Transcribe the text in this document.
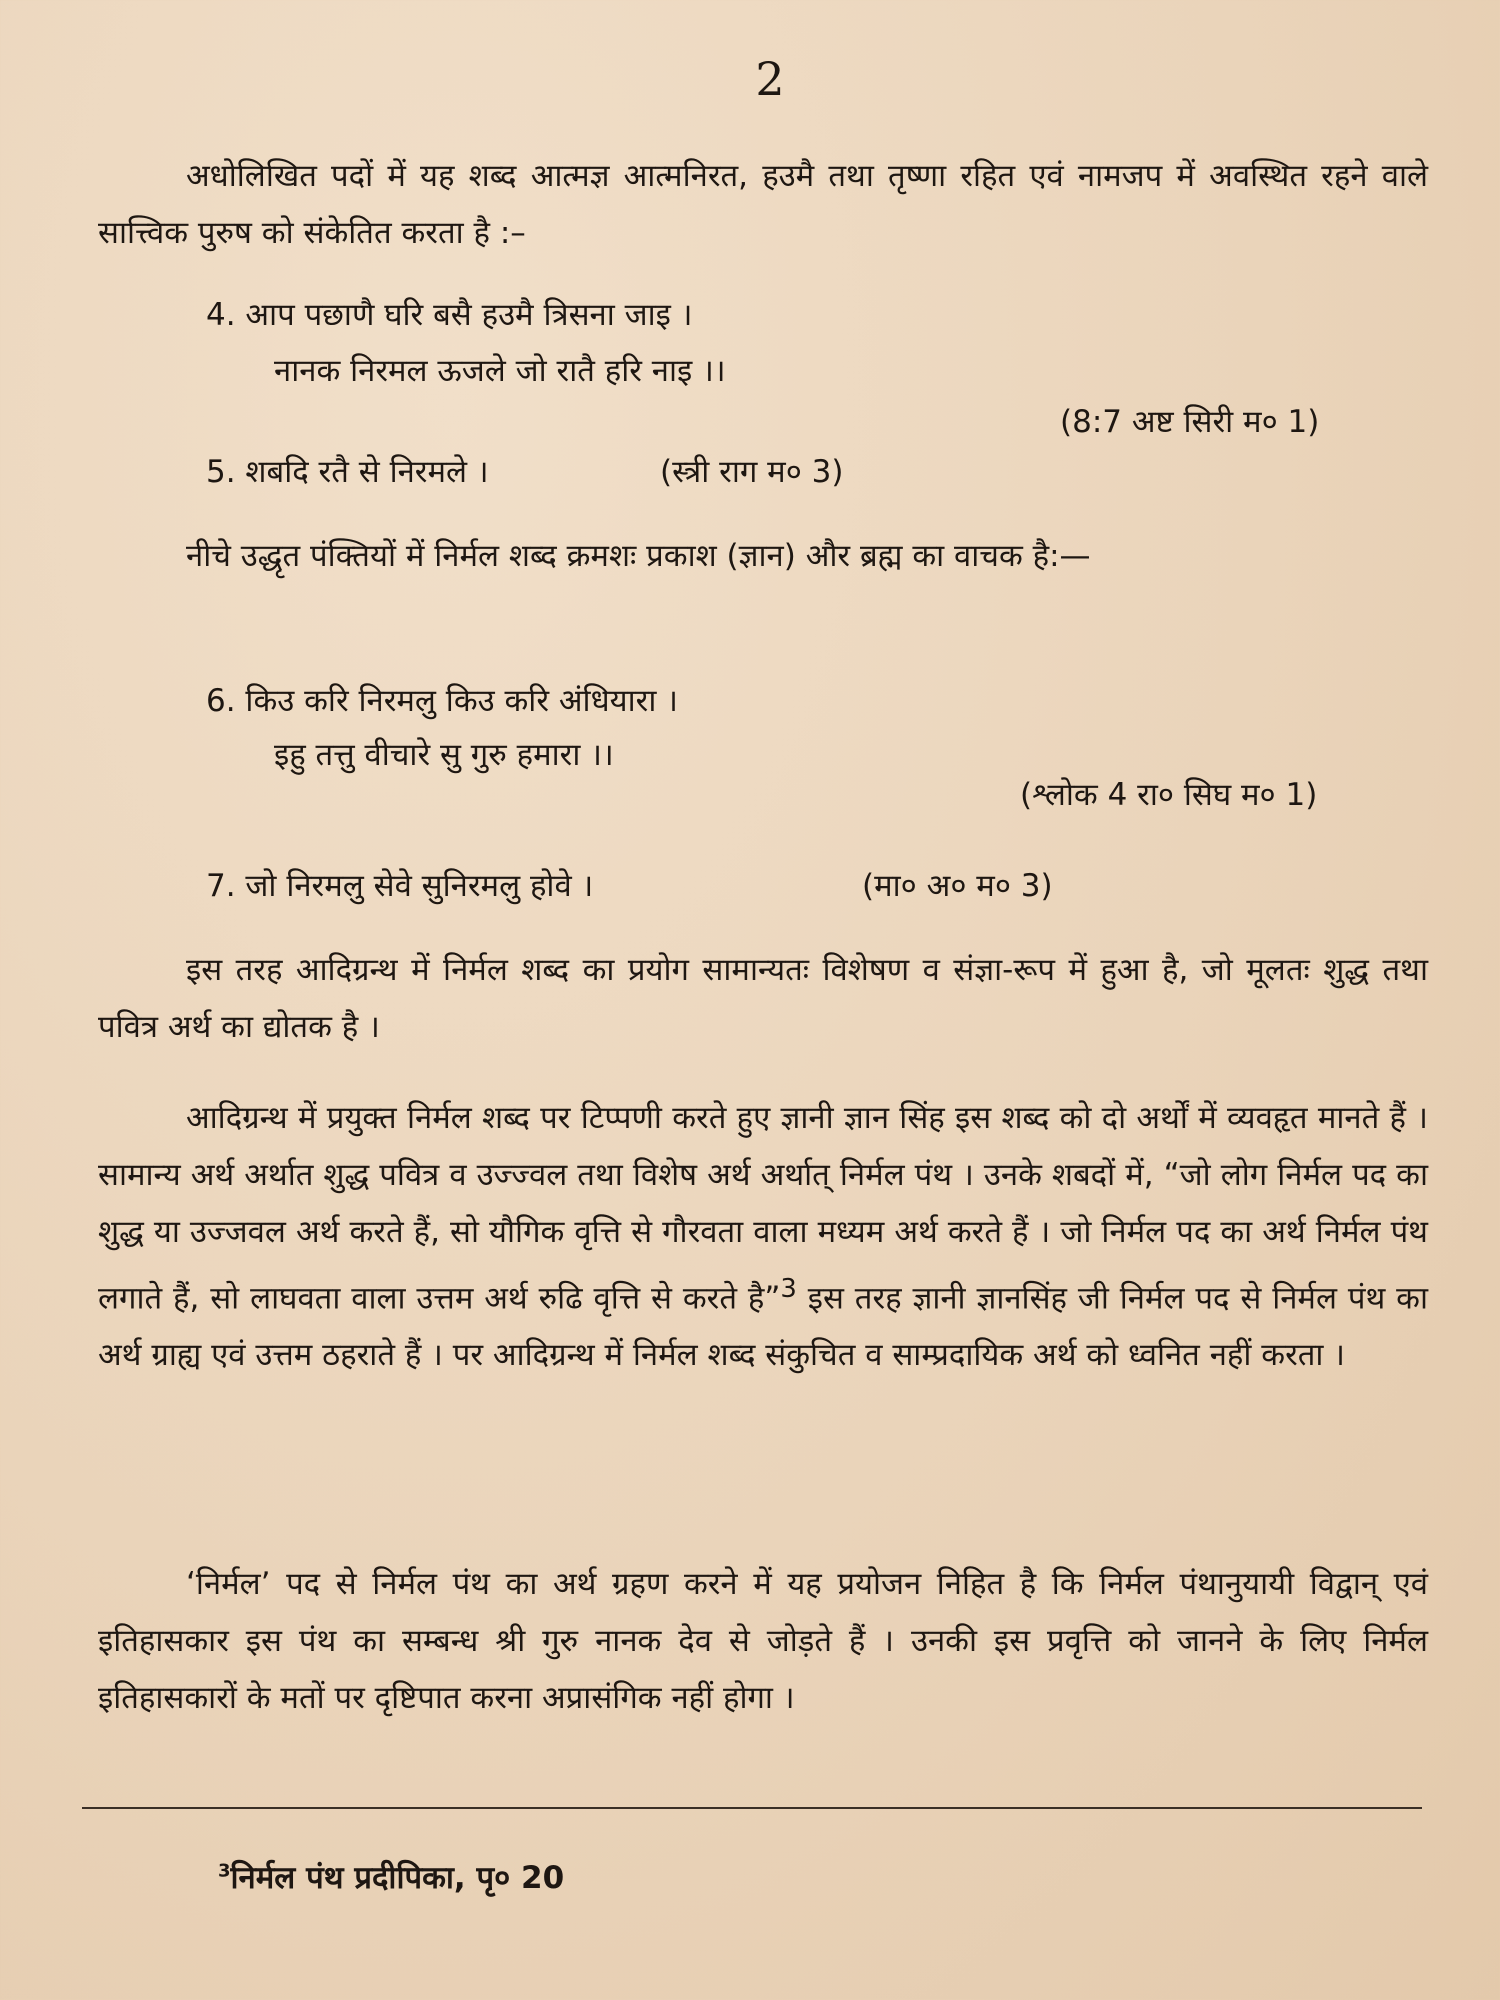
2

अधोलिखित पदों में यह शब्द आत्मज्ञ आत्मनिरत, हउमै तथा तृष्णा रहित एवं नामजप में अवस्थित रहने वाले सात्त्विक पुरुष को संकेतित करता है :–

4. आप पछाणै घरि बसै हउमै त्रिसना जाइ ।

नानक निरमल ऊजले जो रातै हरि नाइ ।।

(8:7 अष्ट सिरी म० 1)

5. शबदि रतै से निरमले ।	(स्त्री राग म० 3)

नीचे उद्धृत पंक्तियों में निर्मल शब्द क्रमशः प्रकाश (ज्ञान) और ब्रह्म का वाचक है:—

6. किउ करि निरमलु किउ करि अंधियारा ।

इहु तत्तु वीचारे सु गुरु हमारा ।।

(श्लोक 4 रा० सिघ म० 1)

7. जो निरमलु सेवे सुनिरमलु होवे ।	(मा० अ० म० 3)

इस तरह आदिग्रन्थ में निर्मल शब्द का प्रयोग सामान्यतः विशेषण व संज्ञा-रूप में हुआ है, जो मूलतः शुद्ध तथा पवित्र अर्थ का द्योतक है ।

आदिग्रन्थ में प्रयुक्त निर्मल शब्द पर टिप्पणी करते हुए ज्ञानी ज्ञान सिंह इस शब्द को दो अर्थों में व्यवहृत मानते हैं । सामान्य अर्थ अर्थात शुद्ध पवित्र व उज्ज्वल तथा विशेष अर्थ अर्थात् निर्मल पंथ । उनके शबदों में, “जो लोग निर्मल पद का शुद्ध या उज्जवल अर्थ करते हैं, सो यौगिक वृत्ति से गौरवता वाला मध्यम अर्थ करते हैं । जो निर्मल पद का अर्थ निर्मल पंथ लगाते हैं, सो लाघवता वाला उत्तम अर्थ रुढि वृत्ति से करते है”$^3$ इस तरह ज्ञानी ज्ञानसिंह जी निर्मल पद से निर्मल पंथ का अर्थ ग्राह्य एवं उत्तम ठहराते हैं । पर आदिग्रन्थ में निर्मल शब्द संकुचित व साम्प्रदायिक अर्थ को ध्वनित नहीं करता ।

‘निर्मल’ पद से निर्मल पंथ का अर्थ ग्रहण करने में यह प्रयोजन निहित है कि निर्मल पंथानुयायी विद्वान् एवं इतिहासकार इस पंथ का सम्बन्ध श्री गुरु नानक देव से जोड़ते हैं । उनकी इस प्रवृत्ति को जानने के लिए निर्मल इतिहासकारों के मतों पर दृष्टिपात करना अप्रासंगिक नहीं होगा ।

$^3$निर्मल पंथ प्रदीपिका, पृ० 20
